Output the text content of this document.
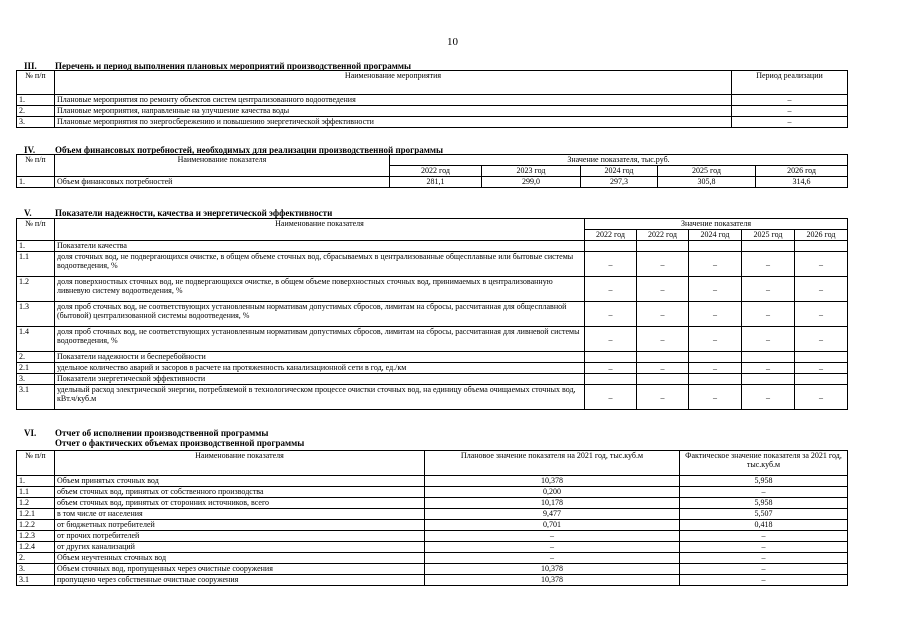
10
III. Перечень и период выполнения плановых мероприятий производственной программы
№ п/п	Наименование мероприятия	Период реализации
1.	Плановые мероприятия по ремонту объектов систем централизованного водоотведения	–
2.	Плановые мероприятия, направленные на улучшение качества воды	–
3.	Плановые мероприятия по энергосбережению и повышению энергетической эффективности	–
IV. Объем финансовых потребностей, необходимых для реализации производственной программы
№ п/п	Наименование показателя	Значение показателя, тыс.руб.				
		2022 год	2023 год	2024 год	2025 год	2026 год
1.	Объем финансовых потребностей	281,1	299,0	297,3	305,8	314,6
V.	Показатели надежности, качества и энергетической эффективности
№ п/п	Наименование показателя	Значение показателя				
		2022 год	2022 год	2024 год	2025 год	2026 год
1.	Показатели качества					
1.1	доля сточных вод, не подвергающихся очистке, в общем объеме сточных вод, сбрасываемых в централизованные общесплавные или бытовые системы водоотведения, %	–	–	–	–	–
1.2	доля поверхностных сточных вод, не подвергающихся очистке, в общем объеме поверхностных сточных вод, принимаемых в централизованную ливневую систему водоотведения, %	–	–	–	–	–
1.3	доля проб сточных вод, не соответствующих установленным нормативам допустимых сбросов, лимитам на сбросы, рассчитанная для общесплавной (бытовой) централизованной системы водоотведения, %	–	–	–	–	–
1.4	доля проб сточных вод, не соответствующих установленным нормативам допустимых сбросов, лимитам на сбросы, рассчитанная для ливневой системы водоотведения, %	–	–	–	–	–
2.	Показатели надежности и бесперебойности					
2.1	удельное количество аварий и засоров в расчете на протяженность канализационной сети в год, ед./км	–	–	–	–	–
3.	Показатели энергетической эффективности					
3.1	удельный расход электрической энергии, потребляемой в технологическом процессе очистки сточных вод, на единицу объема очищаемых сточных вод, кВт.ч/куб.м	–	–	–	–	–
VI. Отчет об исполнении производственной программы
Отчет о фактических объемах производственной программы
№ п/п	Наименование показателя	Плановое значение показателя на 2021 год, тыс.куб.м	Фактическое значение показателя за 2021 год, тыс.куб.м
1.	Объем принятых сточных вод	10,378	5,958
1.1	объем сточных вод, принятых от собственного производства	0,200	–
1.2	объем сточных вод, принятых от сторонних источников, всего	10,178	5,958
1.2.1	в том числе от населения	9,477	5,507
1.2.2	от бюджетных потребителей	0,701	0,418
1.2.3	от прочих потребителей	–	–
1.2.4	от других канализаций	–	–
2.	Объем неучтенных сточных вод	–	–
3.	Объем сточных вод, пропущенных через очистные сооружения	10,378	–
3.1	пропущено через собственные очистные сооружения	10,378	–
